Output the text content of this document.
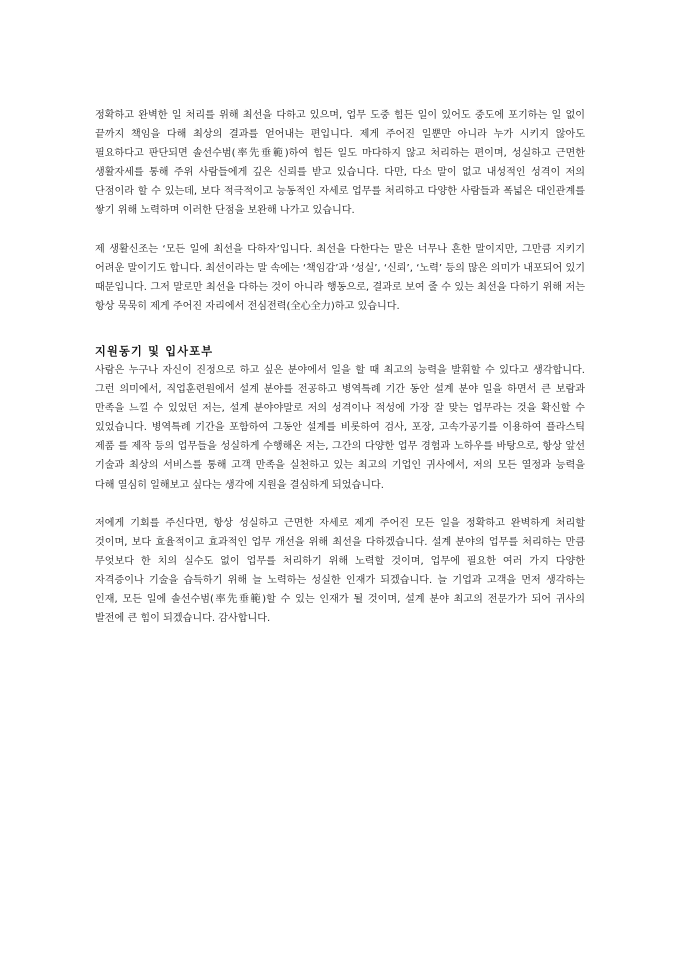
정확하고 완벽한 일 처리를 위해 최선을 다하고 있으며, 업무 도중 힘든 일이 있어도 중도에 포기하는 일 없이 끝까지 책임을 다해 최상의 결과를 얻어내는 편입니다. 제게 주어진 일뿐만 아니라 누가 시키지 않아도 필요하다고 판단되면 솔선수범(率先垂範)하여 힘든 일도 마다하지 않고 처리하는 편이며, 성실하고 근면한 생활자세를 통해 주위 사람들에게 깊은 신뢰를 받고 있습니다. 다만, 다소 말이 없고 내성적인 성격이 저의 단점이라 할 수 있는데, 보다 적극적이고 능동적인 자세로 업무를 처리하고 다양한 사람들과 폭넓은 대인관계를 쌓기 위해 노력하며 이러한 단점을 보완해 나가고 있습니다.

제 생활신조는 ‘모든 일에 최선을 다하자’입니다. 최선을 다한다는 말은 너무나 흔한 말이지만, 그만큼 지키기 어려운 말이기도 합니다. 최선이라는 말 속에는 ‘책임감’과 ‘성실’, ‘신뢰’, ‘노력’ 등의 많은 의미가 내포되어 있기 때문입니다. 그저 말로만 최선을 다하는 것이 아니라 행동으로, 결과로 보여 줄 수 있는 최선을 다하기 위해 저는 항상 묵묵히 제게 주어진 자리에서 전심전력(全心全力)하고 있습니다.

지원동기 및 입사포부

사람은 누구나 자신이 진정으로 하고 싶은 분야에서 일을 할 때 최고의 능력을 발휘할 수 있다고 생각합니다. 그런 의미에서, 직업훈련원에서 설계 분야를 전공하고 병역특례 기간 동안 설계 분야 일을 하면서 큰 보람과 만족을 느낄 수 있었던 저는, 설계 분야야말로 저의 성격이나 적성에 가장 잘 맞는 업무라는 것을 확신할 수 있었습니다. 병역특례 기간을 포함하여 그동안 설계를 비롯하여 검사, 포장, 고속가공기를 이용하여 플라스틱 제품 를 제작 등의 업무들을 성실하게 수행해온 저는, 그간의 다양한 업무 경험과 노하우를 바탕으로, 항상 앞선 기술과 최상의 서비스를 통해 고객 만족을 실천하고 있는 최고의 기업인 귀사에서, 저의 모든 열정과 능력을 다해 열심히 일해보고 싶다는 생각에 지원을 결심하게 되었습니다.

저에게 기회를 주신다면, 항상 성실하고 근면한 자세로 제게 주어진 모든 일을 정확하고 완벽하게 처리할 것이며, 보다 효율적이고 효과적인 업무 개선을 위해 최선을 다하겠습니다. 설계 분야의 업무를 처리하는 만큼 무엇보다 한 치의 실수도 없이 업무를 처리하기 위해 노력할 것이며, 업무에 필요한 여러 가지 다양한 자격증이나 기술을 습득하기 위해 늘 노력하는 성실한 인재가 되겠습니다. 늘 기업과 고객을 먼저 생각하는 인재, 모든 일에 솔선수범(率先垂範)할 수 있는 인재가 될 것이며, 설계 분야 최고의 전문가가 되어 귀사의 발전에 큰 힘이 되겠습니다. 감사합니다.
